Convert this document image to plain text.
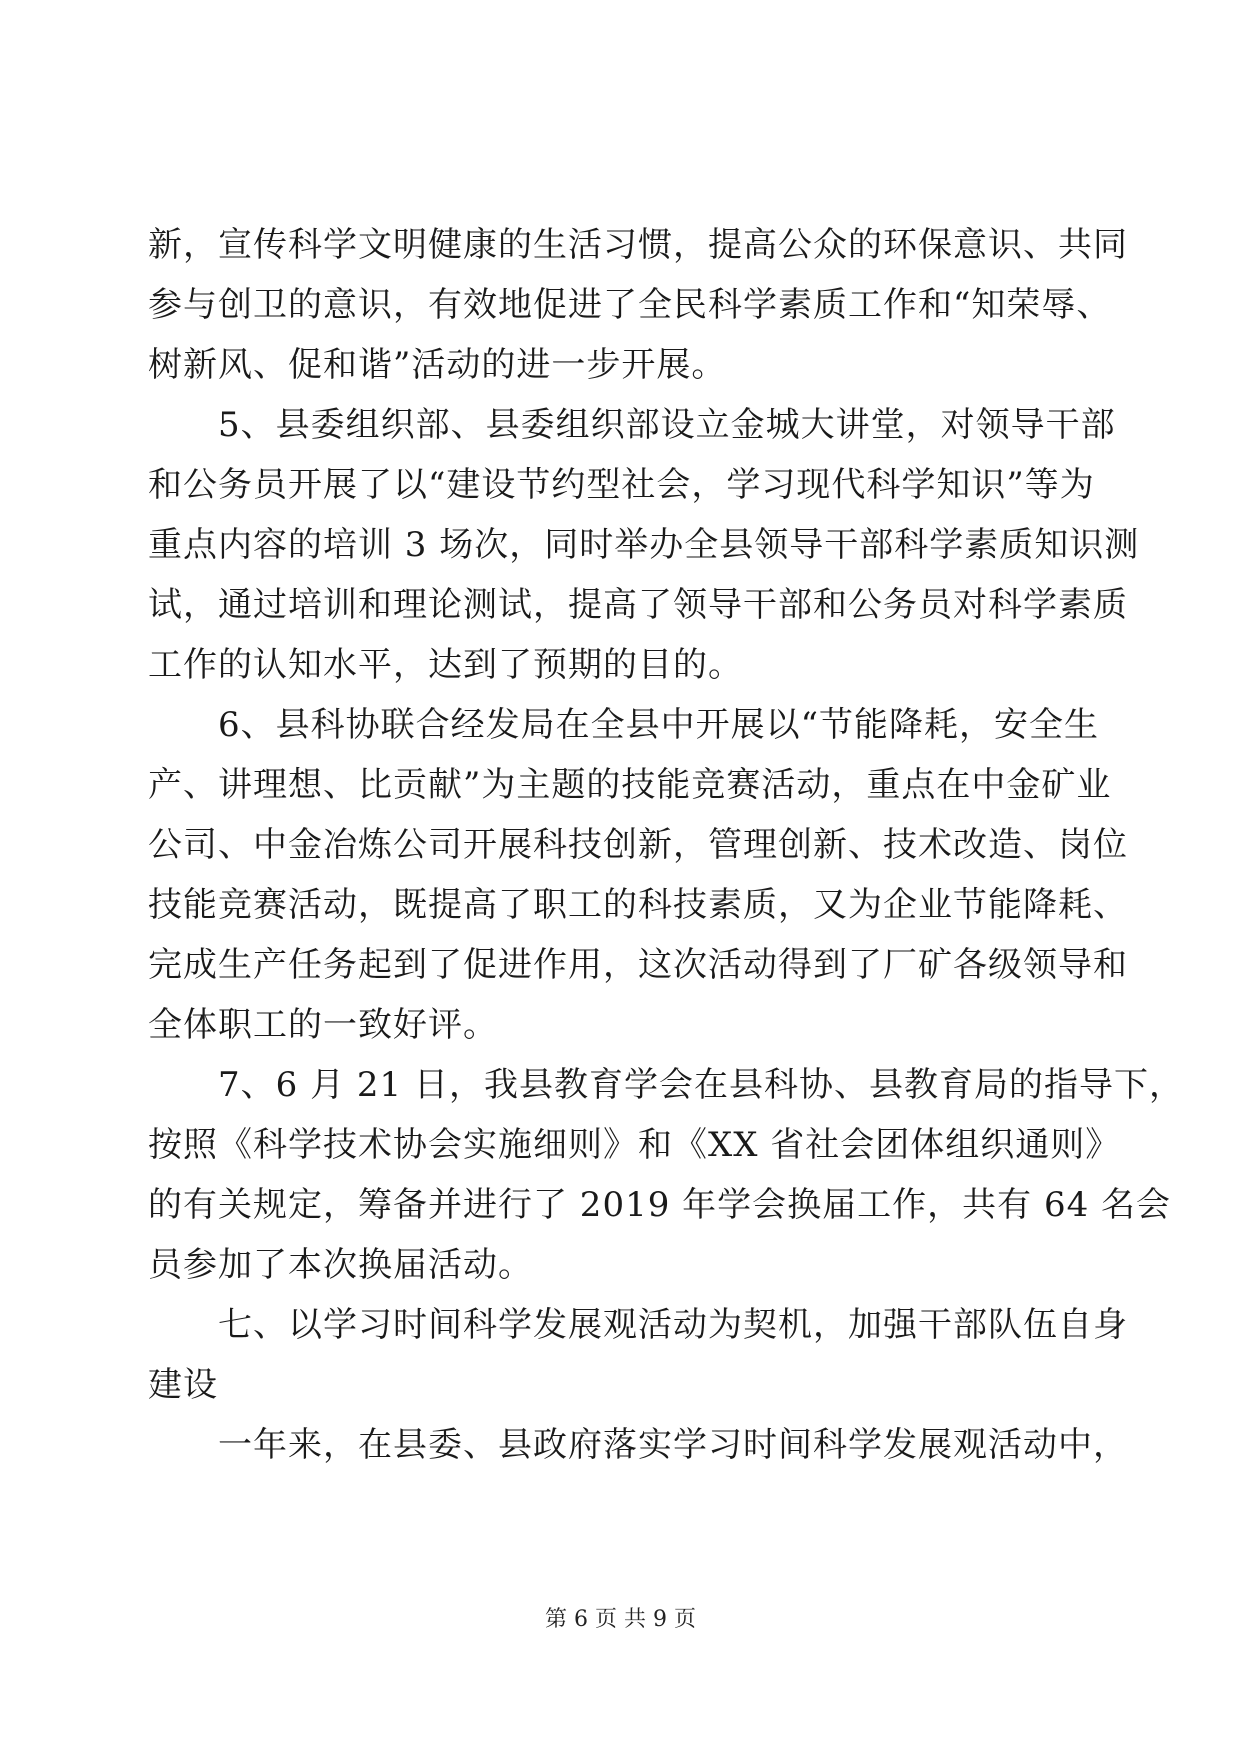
新，宣传科学文明健康的生活习惯，提高公众的环保意识、共同
参与创卫的意识，有效地促进了全民科学素质工作和“知荣辱、
树新风、促和谐”活动的进一步开展。
5、县委组织部、县委组织部设立金城大讲堂，对领导干部
和公务员开展了以“建设节约型社会，学习现代科学知识”等为
重点内容的培训 3 场次，同时举办全县领导干部科学素质知识测
试，通过培训和理论测试，提高了领导干部和公务员对科学素质
工作的认知水平，达到了预期的目的。
6、县科协联合经发局在全县中开展以“节能降耗，安全生
产、讲理想、比贡献”为主题的技能竞赛活动，重点在中金矿业
公司、中金冶炼公司开展科技创新，管理创新、技术改造、岗位
技能竞赛活动，既提高了职工的科技素质，又为企业节能降耗、
完成生产任务起到了促进作用，这次活动得到了厂矿各级领导和
全体职工的一致好评。
7、6 月 21 日，我县教育学会在县科协、县教育局的指导下，
按照《科学技术协会实施细则》和《XX 省社会团体组织通则》
的有关规定，筹备并进行了 2019 年学会换届工作，共有 64 名会
员参加了本次换届活动。
七、以学习时间科学发展观活动为契机，加强干部队伍自身
建设
一年来，在县委、县政府落实学习时间科学发展观活动中，
第 6 页 共 9 页
